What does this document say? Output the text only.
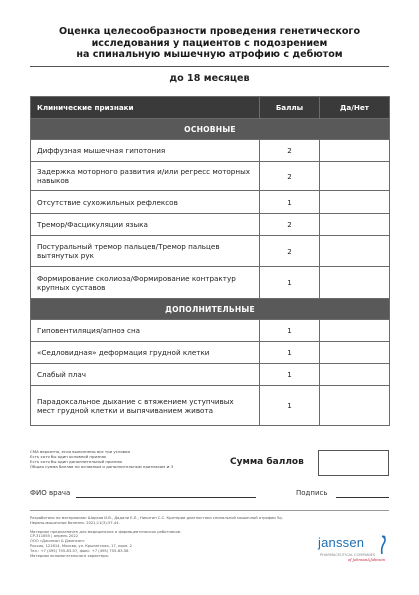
Оценка целесообразности проведения генетического
исследования у пациентов с подозрением
на спинальную мышечную атрофию с дебютом
до 18 месяцев
Клинические признаки	Баллы	Да/Нет
ОСНОВНЫЕ		
Диффузная мышечная гипотония	2	
Задержка моторного развития и/или регресс моторных навыков	2	
Отсутствие сухожильных рефлексов	1	
Тремор/Фасцикуляции языка	2	
Постуральный тремор пальцев/Тремор пальцев вытянутых рук	2	
Формирование сколиоза/Формирование контрактур крупных суставов	1	
ДОПОЛНИТЕЛЬНЫЕ		
Гиповентиляция/апноэ сна	1	
«Седловидная» деформация грудной клетки	1	
Слабый плач	1	
Парадоксальное дыхание с втяжением уступчивых мест грудной клетки и выпячиванием живота	1	
СМА вероятна, если выполнены все три условия
Есть хотя бы один основной признак
Есть хотя бы один дополнительный признак
Общая сумма баллов по основным и дополнительным признакам ≥ 3	Сумма баллов
ФИО врача	Подпись
Разработано по материалам: Шарков И.В., Дадали Е.Л., Никитин С.С. Критерии диагностики спинальной мышечной атрофии 5q.
Нервно-мышечные болезни. 2021;11(3):37-44.
Материал предназначен для медицинских и фармацевтических работников.
CP-311655 | апрель 2022
ООО «Джонсон & Джонсон»
Россия, 121614, Москва, ул. Крылатская, 17, корп. 2
Тел.: +7 (495) 755-83-57, факс: +7 (495) 755-83-58
Материал вспомогательного характера.
janssen
PHARMACEUTICAL COMPANIES
of Johnson&Johnson
